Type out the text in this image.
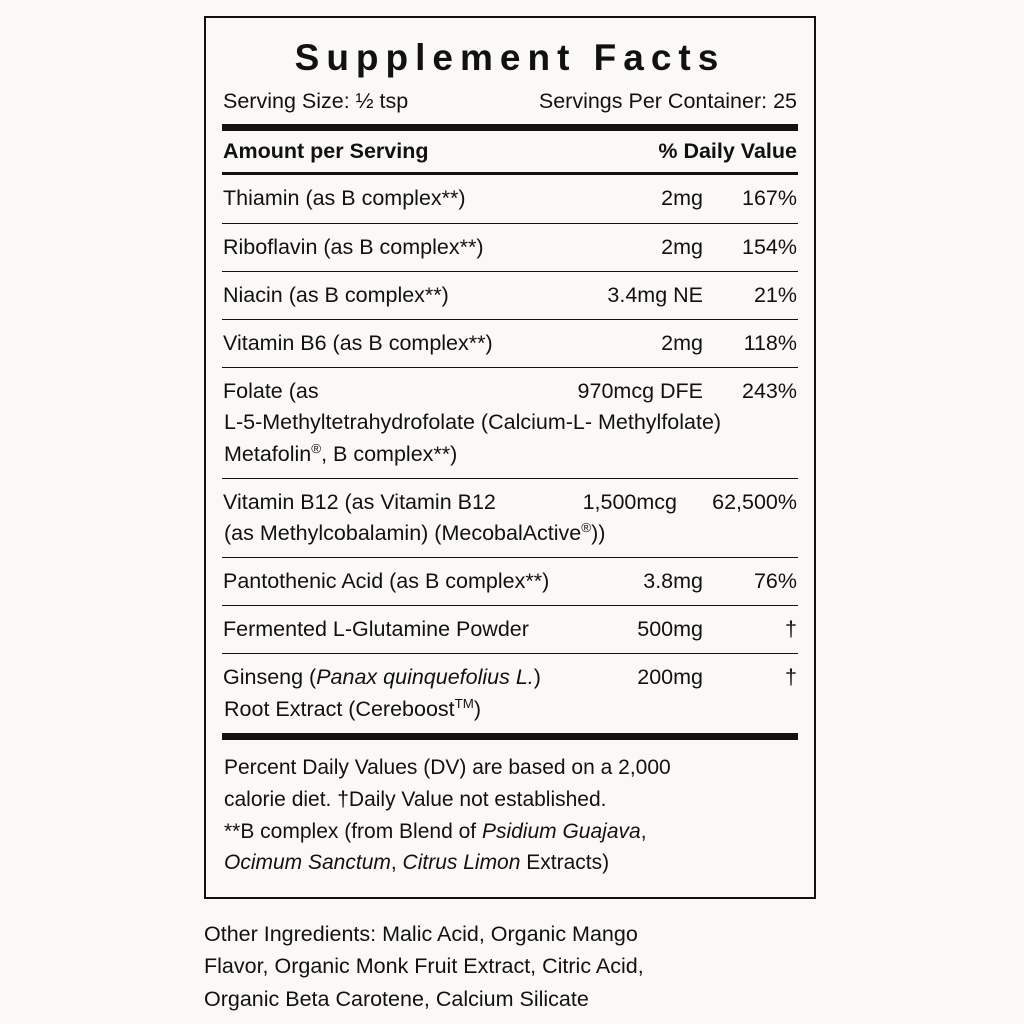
Supplement Facts
Serving Size: ½ tsp	Servings Per Container: 25
Amount per Serving	% Daily Value
Thiamin (as B complex**)	2mg	167%
Riboflavin (as B complex**)	2mg	154%
Niacin (as B complex**)	3.4mg NE	21%
Vitamin B6 (as B complex**)	2mg	118%
Folate (as	970mcg DFE	243%
L-5-Methyltetrahydrofolate (Calcium-L- Methylfolate)
Metafolin®, B complex**)
Vitamin B12 (as Vitamin B12	1,500mcg	62,500%
(as Methylcobalamin) (MecobalActive®))
Pantothenic Acid (as B complex**)	3.8mg	76%
Fermented L-Glutamine Powder	500mg	†
Ginseng (Panax quinquefolius L.)	200mg	†
Root Extract (Cereboost™)
Percent Daily Values (DV) are based on a 2,000
calorie diet. †Daily Value not established.
**B complex (from Blend of Psidium Guajava,
Ocimum Sanctum, Citrus Limon Extracts)
Other Ingredients: Malic Acid, Organic Mango
Flavor, Organic Monk Fruit Extract, Citric Acid,
Organic Beta Carotene, Calcium Silicate
